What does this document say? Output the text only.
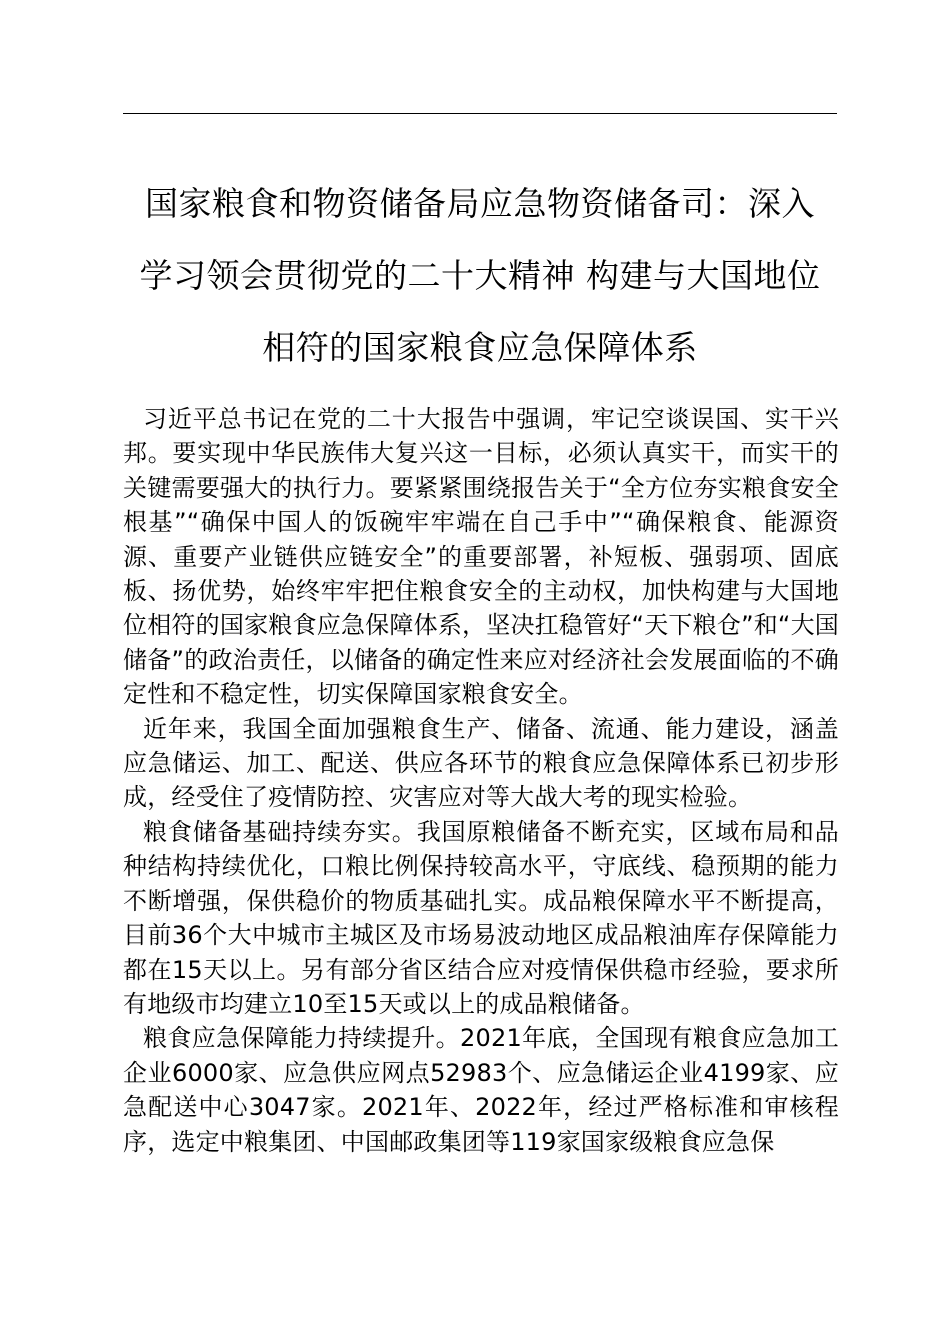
国家粮食和物资储备局应急物资储备司：深入
学习领会贯彻党的二十大精神 构建与大国地位
相符的国家粮食应急保障体系

习近平总书记在党的二十大报告中强调，牢记空谈误国、实干兴邦。要实现中华民族伟大复兴这一目标，必须认真实干，而实干的关键需要强大的执行力。要紧紧围绕报告关于“全方位夯实粮食安全根基”“确保中国人的饭碗牢牢端在自己手中”“确保粮食、能源资源、重要产业链供应链安全”的重要部署，补短板、强弱项、固底板、扬优势，始终牢牢把住粮食安全的主动权，加快构建与大国地位相符的国家粮食应急保障体系，坚决扛稳管好“天下粮仓”和“大国储备”的政治责任，以储备的确定性来应对经济社会发展面临的不确定性和不稳定性，切实保障国家粮食安全。

近年来，我国全面加强粮食生产、储备、流通、能力建设，涵盖应急储运、加工、配送、供应各环节的粮食应急保障体系已初步形成，经受住了疫情防控、灾害应对等大战大考的现实检验。

粮食储备基础持续夯实。我国原粮储备不断充实，区域布局和品种结构持续优化，口粮比例保持较高水平，守底线、稳预期的能力不断增强，保供稳价的物质基础扎实。成品粮保障水平不断提高，目前36个大中城市主城区及市场易波动地区成品粮油库存保障能力都在15天以上。另有部分省区结合应对疫情保供稳市经验，要求所有地级市均建立10至15天或以上的成品粮储备。

粮食应急保障能力持续提升。2021年底，全国现有粮食应急加工企业6000家、应急供应网点52983个、应急储运企业4199家、应急配送中心3047家。2021年、2022年，经过严格标准和审核程序，选定中粮集团、中国邮政集团等119家国家级粮食应急保
